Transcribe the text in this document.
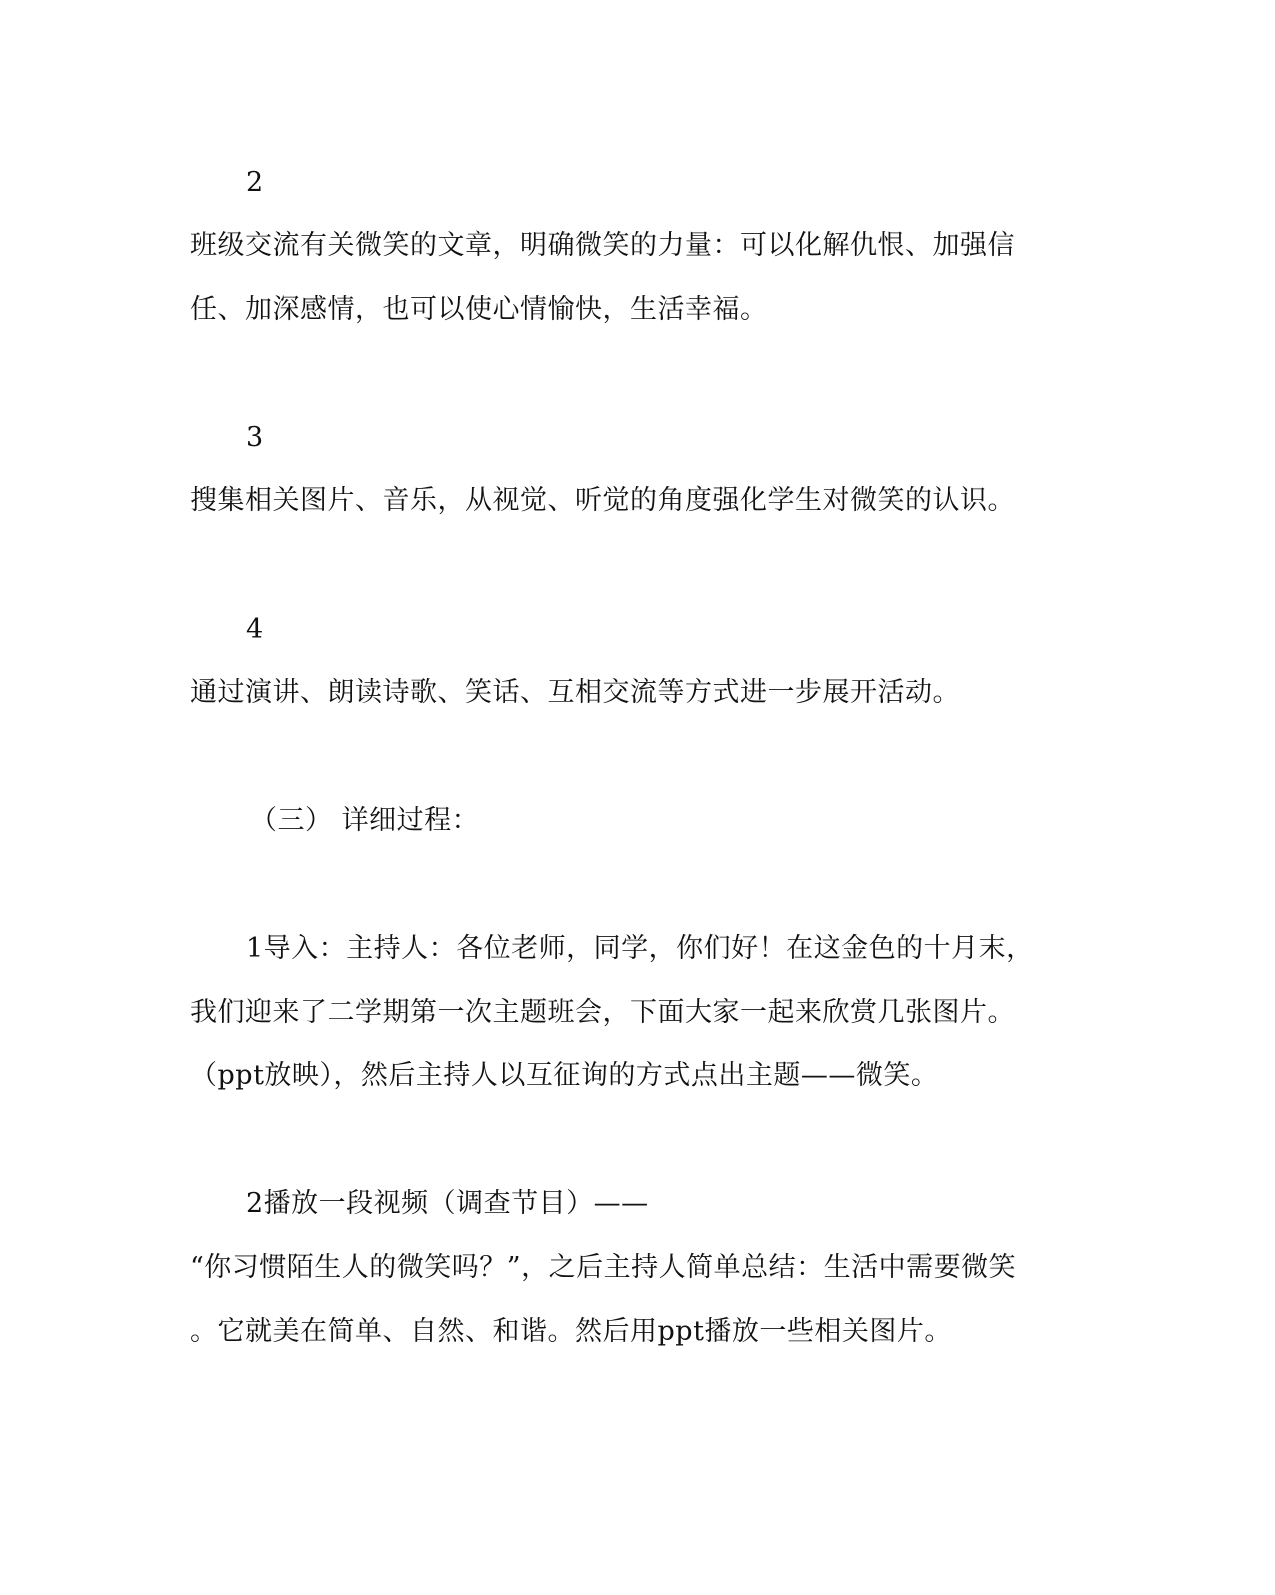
2
班级交流有关微笑的文章，明确微笑的力量：可以化解仇恨、加强信
任、加深感情，也可以使心情愉快，生活幸福。
3
搜集相关图片、音乐，从视觉、听觉的角度强化学生对微笑的认识。
4
通过演讲、朗读诗歌、笑话、互相交流等方式进一步展开活动。
（三） 详细过程：
1导入：主持人：各位老师，同学，你们好！在这金色的十月末，
我们迎来了二学期第一次主题班会，下面大家一起来欣赏几张图片。
（ppt放映），然后主持人以互征询的方式点出主题——微笑。
2播放一段视频（调查节目）——
“你习惯陌生人的微笑吗？”，之后主持人简单总结：生活中需要微笑
。它就美在简单、自然、和谐。然后用ppt播放一些相关图片。
